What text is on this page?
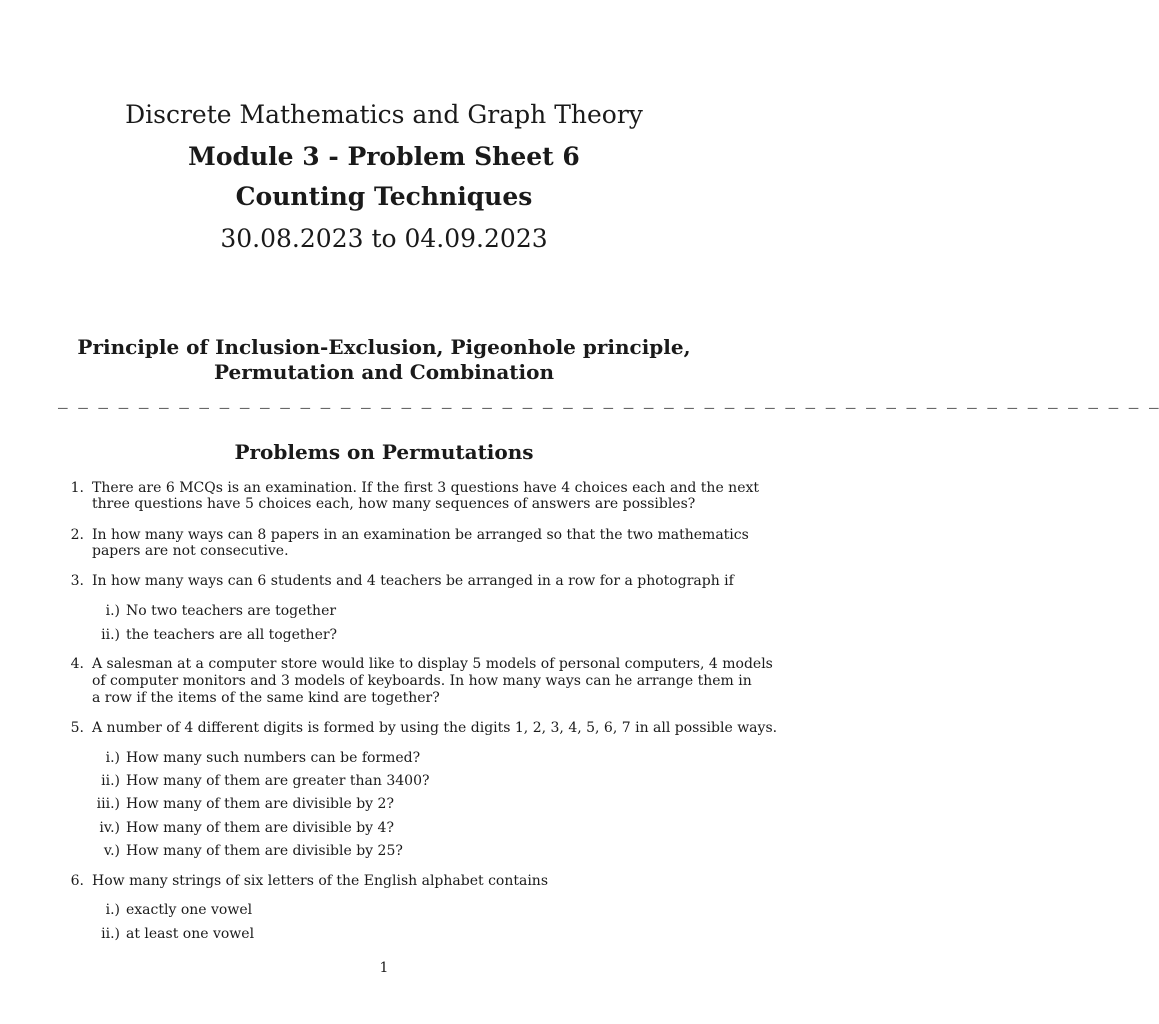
Discrete Mathematics and Graph Theory
Module 3 - Problem Sheet 6
Counting Techniques
30.08.2023 to 04.09.2023
Principle of Inclusion-Exclusion, Pigeonhole principle,
Permutation and Combination
_ _ _ _ _ _ _ _ _ _ _ _ _ _ _ _ _ _ _ _ _ _ _ _ _ _ _ _ _ _ _ _ _ _ _ _ _ _ _ _ _ _ _ _ _ _ _ _ _ _ _ _ _ _ _
Problems on Permutations
1. There are 6 MCQs is an examination. If the first 3 questions have 4 choices each and the next
three questions have 5 choices each, how many sequences of answers are possibles?
2. In how many ways can 8 papers in an examination be arranged so that the two mathematics
papers are not consecutive.
3. In how many ways can 6 students and 4 teachers be arranged in a row for a photograph if
i.) No two teachers are together
ii.) the teachers are all together?
4. A salesman at a computer store would like to display 5 models of personal computers, 4 models
of computer monitors and 3 models of keyboards. In how many ways can he arrange them in
a row if the items of the same kind are together?
5. A number of 4 different digits is formed by using the digits 1, 2, 3, 4, 5, 6, 7 in all possible ways.
i.) How many such numbers can be formed?
ii.) How many of them are greater than 3400?
iii.) How many of them are divisible by 2?
iv.) How many of them are divisible by 4?
v.) How many of them are divisible by 25?
6. How many strings of six letters of the English alphabet contains
i.) exactly one vowel
ii.) at least one vowel
1
